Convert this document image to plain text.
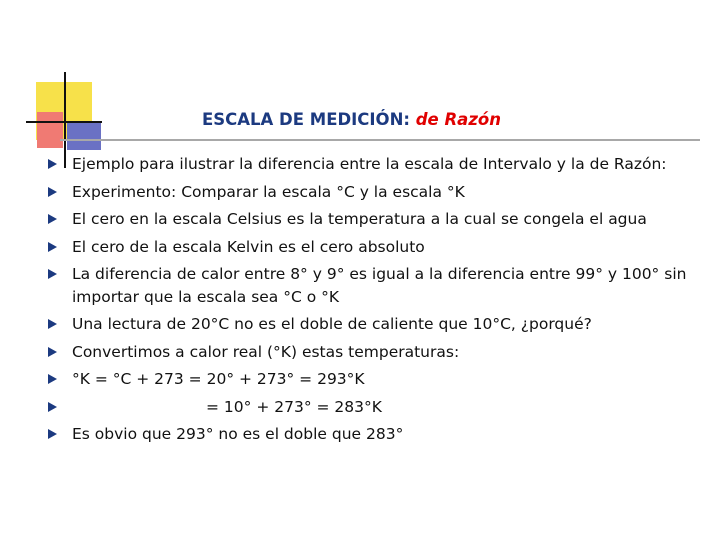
ESCALA DE MEDICIÓN: de Razón
Ejemplo para ilustrar la diferencia entre la escala de Intervalo y la de Razón:
Experimento: Comparar la escala °C y la escala °K
El cero en la escala Celsius es la temperatura a la cual se congela el agua
El cero de la escala Kelvin es el cero absoluto
La diferencia de calor entre 8° y 9° es igual a la diferencia entre 99° y 100° sin importar que la escala sea °C o °K
Una lectura de 20°C no es el doble de caliente que 10°C, ¿porqué?
Convertimos a calor real (°K) estas temperaturas:
°K = °C + 273 = 20° + 273° = 293°K
= 10° + 273° = 283°K
Es obvio que 293° no es el doble que 283°
